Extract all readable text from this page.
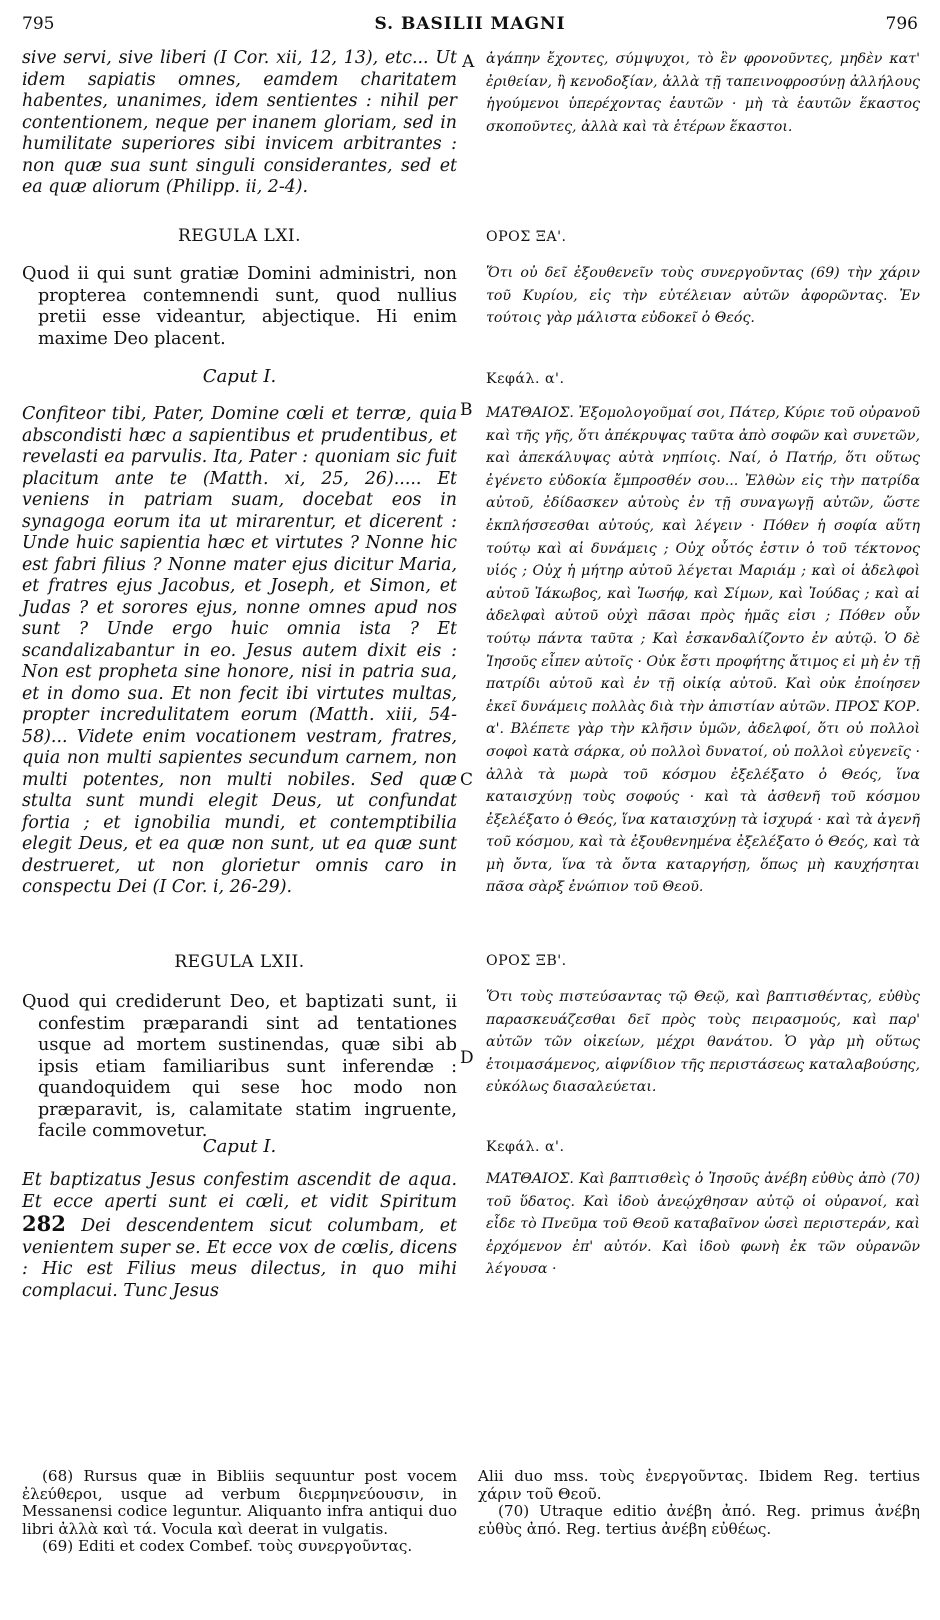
795	S. BASILII MAGNI	796

sive servi, sive liberi (I Cor. xii, 12, 13), etc... Ut idem sapiatis omnes, eamdem charitatem habentes, unanimes, idem sentientes : nihil per contentionem, neque per inanem gloriam, sed in humilitate superiores sibi invicem arbitrantes : non quæ sua sunt singuli considerantes, sed et ea quæ aliorum (Philipp. ii, 2-4).

REGULA LXI.

Quod ii qui sunt gratiæ Domini administri, non propterea contemnendi sunt, quod nullius pretii esse videantur, abjectique. Hi enim maxime Deo placent.

Caput I.

Confiteor tibi, Pater, Domine cœli et terræ, quia abscondisti hæc a sapientibus et prudentibus, et revelasti ea parvulis. Ita, Pater : quoniam sic fuit placitum ante te (Matth. xi, 25, 26)..... Et veniens in patriam suam, docebat eos in synagoga eorum ita ut mirarentur, et dicerent : Unde huic sapientia hæc et virtutes ? Nonne hic est fabri filius ? Nonne mater ejus dicitur Maria, et fratres ejus Jacobus, et Joseph, et Simon, et Judas ? et sorores ejus, nonne omnes apud nos sunt ? Unde ergo huic omnia ista ? Et scandalizabantur in eo. Jesus autem dixit eis : Non est propheta sine honore, nisi in patria sua, et in domo sua. Et non fecit ibi virtutes multas, propter incredulitatem eorum (Matth. xiii, 54-58)... Videte enim vocationem vestram, fratres, quia non multi sapientes secundum carnem, non multi potentes, non multi nobiles. Sed quæ stulta sunt mundi elegit Deus, ut confundat fortia ; et ignobilia mundi, et contemptibilia elegit Deus, et ea quæ non sunt, ut ea quæ sunt destrueret, ut non glorietur omnis caro in conspectu Dei (I Cor. i, 26-29).

REGULA LXII.

Quod qui crediderunt Deo, et baptizati sunt, ii confestim præparandi sint ad tentationes usque ad mortem sustinendas, quæ sibi ab ipsis etiam familiaribus sunt inferendæ : quandoquidem qui sese hoc modo non præparavit, is, calamitate statim ingruente, facile commovetur.

Caput I.

Et baptizatus Jesus confestim ascendit de aqua. Et ecce aperti sunt ei cœli, et vidit Spiritum 282 Dei descendentem sicut columbam, et venientem super se. Et ecce vox de cœlis, dicens : Hic est Filius meus dilectus, in quo mihi complacui. Tunc Jesus

A
B
C
D

ἀγάπην ἔχοντες, σύμψυχοι, τὸ ἓν φρονοῦντες, μηδὲν κατ' ἐριθείαν, ἢ κενοδοξίαν, ἀλλὰ τῇ ταπεινοφροσύνῃ ἀλλήλους ἡγούμενοι ὑπερέχοντας ἑαυτῶν · μὴ τὰ ἑαυτῶν ἕκαστος σκοποῦντες, ἀλλὰ καὶ τὰ ἑτέρων ἕκαστοι.

ΟΡΟΣ ΞΑ'.

Ὅτι οὐ δεῖ ἐξουθενεῖν τοὺς συνεργοῦντας (69) τὴν χάριν τοῦ Κυρίου, εἰς τὴν εὐτέλειαν αὐτῶν ἀφορῶντας. Ἐν τούτοις γὰρ μάλιστα εὐδοκεῖ ὁ Θεός.

Κεφάλ. α'.

ΜΑΤΘΑΙΟΣ. Ἐξομολογοῦμαί σοι, Πάτερ, Κύριε τοῦ οὐρανοῦ καὶ τῆς γῆς, ὅτι ἀπέκρυψας ταῦτα ἀπὸ σοφῶν καὶ συνετῶν, καὶ ἀπεκάλυψας αὐτὰ νηπίοις. Ναί, ὁ Πατήρ, ὅτι οὕτως ἐγένετο εὐδοκία ἔμπροσθέν σου... Ἐλθὼν εἰς τὴν πατρίδα αὐτοῦ, ἐδίδασκεν αὐτοὺς ἐν τῇ συναγωγῇ αὐτῶν, ὥστε ἐκπλήσσεσθαι αὐτούς, καὶ λέγειν · Πόθεν ἡ σοφία αὕτη τούτῳ καὶ αἱ δυνάμεις ; Οὐχ οὗτός ἐστιν ὁ τοῦ τέκτονος υἱός ; Οὐχ ἡ μήτηρ αὐτοῦ λέγεται Μαριάμ ; καὶ οἱ ἀδελφοὶ αὐτοῦ Ἰάκωβος, καὶ Ἰωσήφ, καὶ Σίμων, καὶ Ἰούδας ; καὶ αἱ ἀδελφαὶ αὐτοῦ οὐχὶ πᾶσαι πρὸς ἡμᾶς εἰσι ; Πόθεν οὖν τούτῳ πάντα ταῦτα ; Καὶ ἐσκανδαλίζοντο ἐν αὐτῷ. Ὁ δὲ Ἰησοῦς εἶπεν αὐτοῖς · Οὐκ ἔστι προφήτης ἄτιμος εἰ μὴ ἐν τῇ πατρίδι αὐτοῦ καὶ ἐν τῇ οἰκίᾳ αὐτοῦ. Καὶ οὐκ ἐποίησεν ἐκεῖ δυνάμεις πολλὰς διὰ τὴν ἀπιστίαν αὐτῶν. ΠΡΟΣ ΚΟΡ. α'. Βλέπετε γὰρ τὴν κλῆσιν ὑμῶν, ἀδελφοί, ὅτι οὐ πολλοὶ σοφοὶ κατὰ σάρκα, οὐ πολλοὶ δυνατοί, οὐ πολλοὶ εὐγενεῖς · ἀλλὰ τὰ μωρὰ τοῦ κόσμου ἐξελέξατο ὁ Θεός, ἵνα καταισχύνῃ τοὺς σοφούς · καὶ τὰ ἀσθενῆ τοῦ κόσμου ἐξελέξατο ὁ Θεός, ἵνα καταισχύνῃ τὰ ἰσχυρά · καὶ τὰ ἀγενῆ τοῦ κόσμου, καὶ τὰ ἐξουθενημένα ἐξελέξατο ὁ Θεός, καὶ τὰ μὴ ὄντα, ἵνα τὰ ὄντα καταργήσῃ, ὅπως μὴ καυχήσηται πᾶσα σὰρξ ἐνώπιον τοῦ Θεοῦ.

ΟΡΟΣ ΞΒ'.

Ὅτι τοὺς πιστεύσαντας τῷ Θεῷ, καὶ βαπτισθέντας, εὐθὺς παρασκευάζεσθαι δεῖ πρὸς τοὺς πειρασμούς, καὶ παρ' αὐτῶν τῶν οἰκείων, μέχρι θανάτου. Ὁ γὰρ μὴ οὕτως ἑτοιμασάμενος, αἰφνίδιον τῆς περιστάσεως καταλαβούσης, εὐκόλως διασαλεύεται.

Κεφάλ. α'.

ΜΑΤΘΑΙΟΣ. Καὶ βαπτισθεὶς ὁ Ἰησοῦς ἀνέβη εὐθὺς ἀπὸ (70) τοῦ ὕδατος. Καὶ ἰδοὺ ἀνεῴχθησαν αὐτῷ οἱ οὐρανοί, καὶ εἶδε τὸ Πνεῦμα τοῦ Θεοῦ καταβαῖνον ὡσεὶ περιστεράν, καὶ ἐρχόμενον ἐπ' αὐτόν. Καὶ ἰδοὺ φωνὴ ἐκ τῶν οὐρανῶν λέγουσα ·

(68) Rursus quæ in Bibliis sequuntur post vocem ἐλεύθεροι, usque ad verbum διερμηνεύουσιν, in Messanensi codice leguntur. Aliquanto infra antiqui duo libri ἀλλὰ καὶ τά. Vocula καὶ deerat in vulgatis.

(69) Editi et codex Combef. τοὺς συνεργοῦντας.

Alii duo mss. τοὺς ἐνεργοῦντας. Ibidem Reg. tertius χάριν τοῦ Θεοῦ.

(70) Utraque editio ἀνέβη ἀπό. Reg. primus ἀνέβη εὐθὺς ἀπό. Reg. tertius ἀνέβη εὐθέως.
